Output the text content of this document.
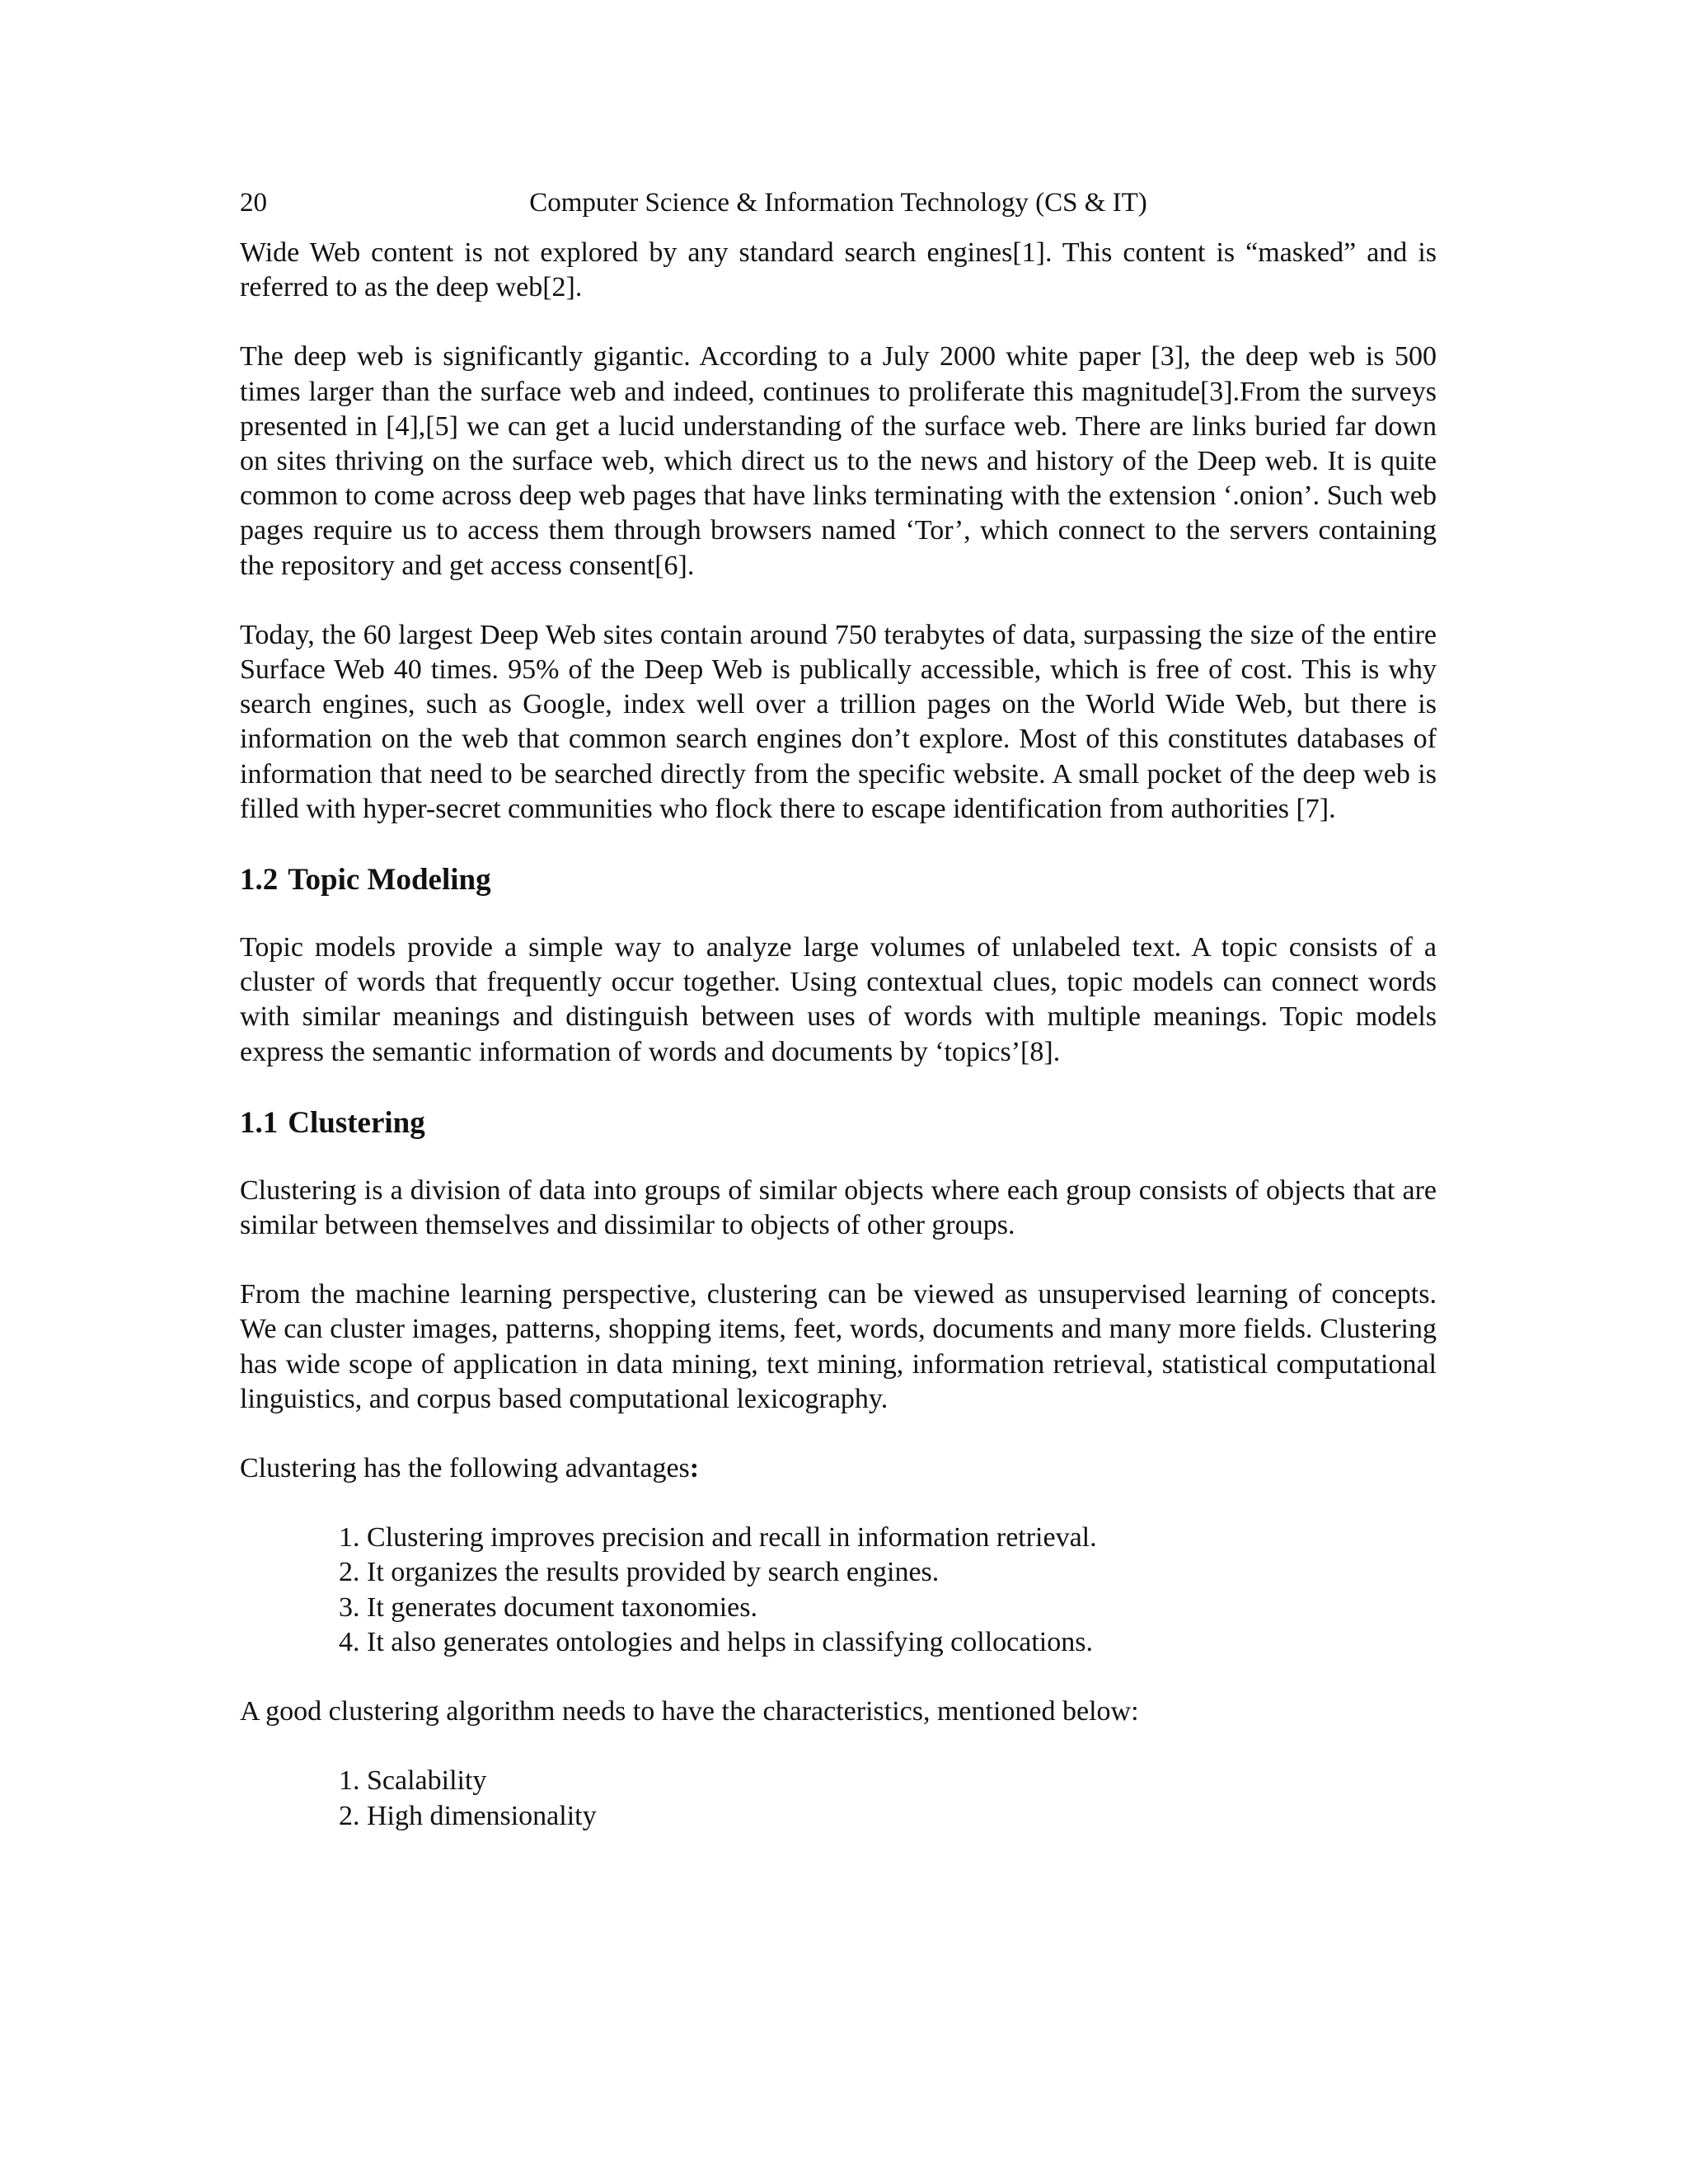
20	Computer Science & Information Technology (CS & IT)

Wide Web content is not explored by any standard search engines[1]. This content is “masked” and is referred to as the deep web[2].

The deep web is significantly gigantic. According to a July 2000 white paper [3], the deep web is 500 times larger than the surface web and indeed, continues to proliferate this magnitude[3].From the surveys presented in [4],[5] we can get a lucid understanding of the surface web. There are links buried far down on sites thriving on the surface web, which direct us to the news and history of the Deep web. It is quite common to come across deep web pages that have links terminating with the extension ‘.onion’. Such web pages require us to access them through browsers named ‘Tor’, which connect to the servers containing the repository and get access consent[6].

Today, the 60 largest Deep Web sites contain around 750 terabytes of data, surpassing the size of the entire Surface Web 40 times. 95% of the Deep Web is publically accessible, which is free of cost. This is why search engines, such as Google, index well over a trillion pages on the World Wide Web, but there is information on the web that common search engines don’t explore. Most of this constitutes databases of information that need to be searched directly from the specific website. A small pocket of the deep web is filled with hyper-secret communities who flock there to escape identification from authorities [7].

1.2 Topic Modeling

Topic models provide a simple way to analyze large volumes of unlabeled text. A topic consists of a cluster of words that frequently occur together. Using contextual clues, topic models can connect words with similar meanings and distinguish between uses of words with multiple meanings. Topic models express the semantic information of words and documents by ‘topics’[8].

1.1 Clustering

Clustering is a division of data into groups of similar objects where each group consists of objects that are similar between themselves and dissimilar to objects of other groups.

From the machine learning perspective, clustering can be viewed as unsupervised learning of concepts. We can cluster images, patterns, shopping items, feet, words, documents and many more fields. Clustering has wide scope of application in data mining, text mining, information retrieval, statistical computational linguistics, and corpus based computational lexicography.

Clustering has the following advantages:

1. Clustering improves precision and recall in information retrieval.
2. It organizes the results provided by search engines.
3. It generates document taxonomies.
4. It also generates ontologies and helps in classifying collocations.

A good clustering algorithm needs to have the characteristics, mentioned below:

1. Scalability
2. High dimensionality
